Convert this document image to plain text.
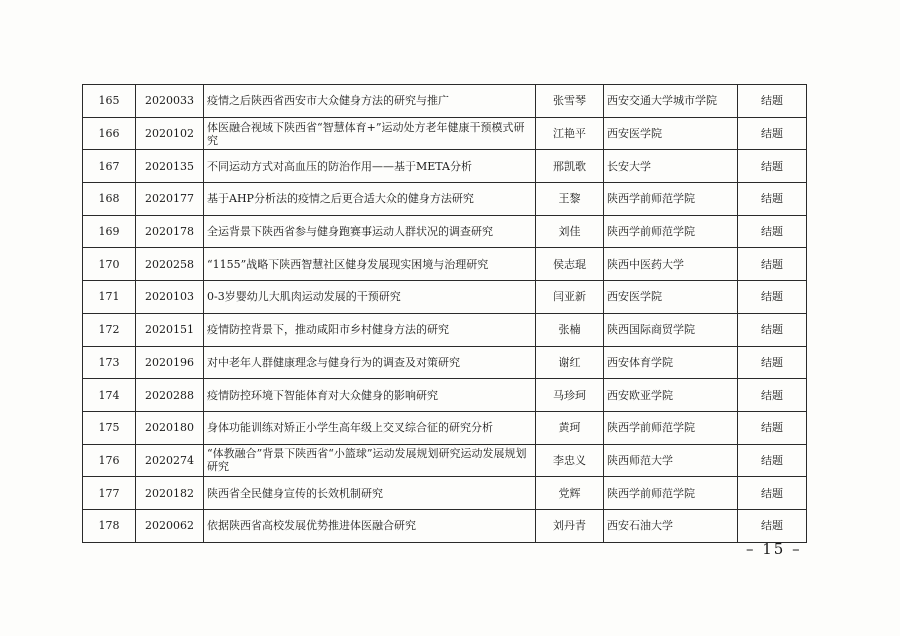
165	2020033	疫情之后陕西省西安市大众健身方法的研究与推广	张雪琴	西安交通大学城市学院	结题
166	2020102	体医融合视域下陕西省“智慧体育+”运动处方老年健康干预模式研究	江艳平	西安医学院	结题
167	2020135	不同运动方式对高血压的防治作用——基于META分析	邢凯歌	长安大学	结题
168	2020177	基于AHP分析法的疫情之后更合适大众的健身方法研究	王黎	陕西学前师范学院	结题
169	2020178	全运背景下陕西省参与健身跑赛事运动人群状况的调查研究	刘佳	陕西学前师范学院	结题
170	2020258	“1155”战略下陕西智慧社区健身发展现实困境与治理研究	侯志琨	陕西中医药大学	结题
171	2020103	0-3岁婴幼儿大肌肉运动发展的干预研究	闫亚新	西安医学院	结题
172	2020151	疫情防控背景下，推动咸阳市乡村健身方法的研究	张楠	陕西国际商贸学院	结题
173	2020196	对中老年人群健康理念与健身行为的调查及对策研究	谢红	西安体育学院	结题
174	2020288	疫情防控环境下智能体育对大众健身的影响研究	马珍珂	西安欧亚学院	结题
175	2020180	身体功能训练对矫正小学生高年级上交叉综合征的研究分析	黄珂	陕西学前师范学院	结题
176	2020274	“体教融合”背景下陕西省“小篮球”运动发展规划研究运动发展规划研究	李忠义	陕西师范大学	结题
177	2020182	陕西省全民健身宣传的长效机制研究	党辉	陕西学前师范学院	结题
178	2020062	依据陕西省高校发展优势推进体医融合研究	刘丹青	西安石油大学	结题
– 15 –
